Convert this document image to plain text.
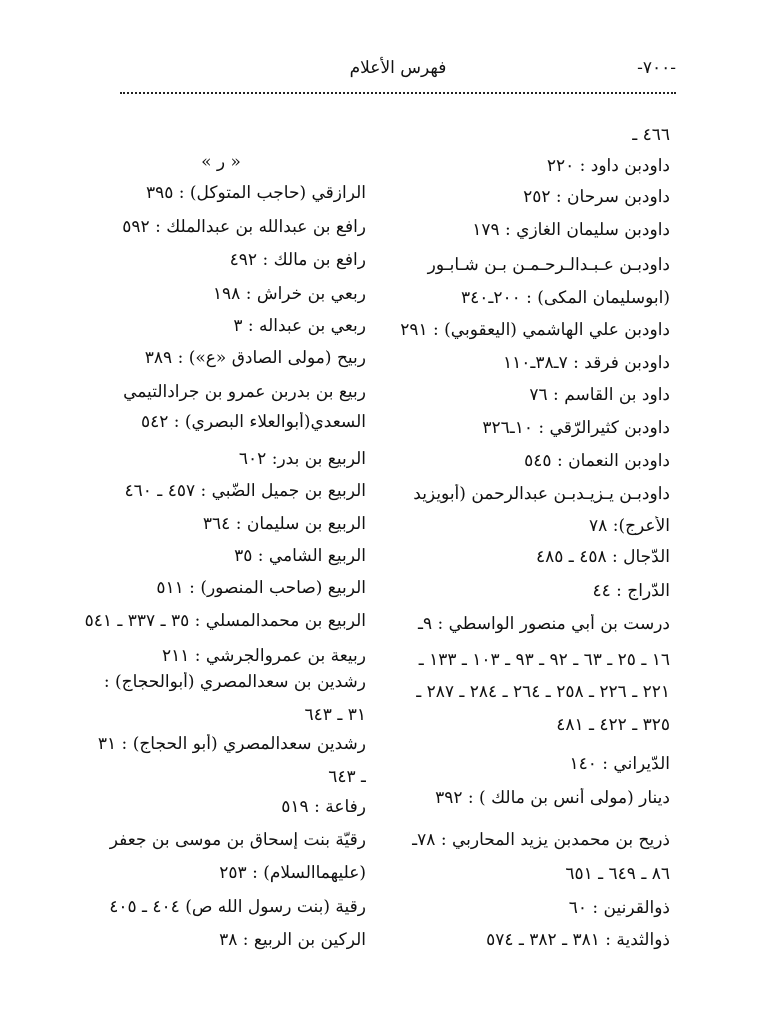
فهرس الأعلام	-۷۰۰-
٤٦٦ ـ
داودبن داود : ۲۲۰
داودبن سرحان : ۲٥۲
داودبن سليمان الغازي : ۱۷۹
داودبـن عـبـدالـرحـمـن بـن شـابـور
(ابوسليمان المكى) : ۲۰۰ـ۳٤۰
داودبن علي الهاشمي (اليعقوبي) : ۲۹۱
داودبن فرقد : ۷ـ۳۸ـ۱۱۰
داود بن القاسم : ۷٦
داودبن كثيرالرّقي : ۱۰ـ۳۲٦
داودبن النعمان : ٥٤٥
داودبـن يـزيـدبـن عبدالرحمن (أبويزيد
الأعرج): ۷۸
الدّجال : ٤٥٨ ـ ٤٨٥
الدّراج : ٤٤
درست بن أبي منصور الواسطي : ۹ـ
۱٦ ـ ۲٥ ـ ٦۳ ـ ۹۲ ـ ۹۳ ـ ۱۰۳ ـ ۱۳۳ ـ
۲۲۱ ـ ۲۲٦ ـ ۲٥۸ ـ ۲٦٤ ـ ۲۸٤ ـ ۲۸۷ ـ
۳۲٥ ـ ٤۲۲ ـ ٤۸۱
الدّيراني : ۱٤۰
دينار (مولى أنس بن مالك ) : ۳۹۲
ذريح بن محمدبن يزيد المحاربي : ۷۸ـ
۸٦ ـ ٦٤۹ ـ ٦٥۱
ذوالقرنين : ٦۰
ذوالثدية : ۳۸۱ ـ ۳۸۲ ـ ٥۷٤
« ر »
الرازقي (حاجب المتوكل) : ۳۹٥
رافع بن عبدالله بن عبدالملك : ٥۹۲
رافع بن مالك : ٤۹۲
ربعي بن خراش : ۱۹۸
ربعي بن عبداله : ۳
ربيح (مولى الصادق «ع») : ۳۸۹
ربيع بن بدربن عمرو بن جرادالتيمي
السعدي(أبوالعلاء البصري) : ٥٤۲
الربيع بن بدر: ٦۰۲
الربيع بن جميل الضّبي : ٤٥۷ ـ ٤٦۰
الربيع بن سليمان : ۳٦٤
الربيع الشامي : ۳٥
الربيع (صاحب المنصور) : ٥۱۱
الربيع بن محمدالمسلي : ۳٥ ـ ۳۳۷ ـ ٥٤۱
ربيعة بن عمروالجرشي : ۲۱۱
رشدين بن سعدالمصري (أبوالحجاج) :
۳۱ ـ ٦٤۳
رشدين سعدالمصري (أبو الحجاج) : ۳۱
ـ ٦٤۳
رفاعة : ٥۱۹
رقيّة بنت إسحاق بن موسى بن جعفر
(عليهماالسلام) : ۲٥۳
رقية (بنت رسول الله ص) ٤۰٤ ـ ٤۰٥
الركين بن الربيع : ۳۸
